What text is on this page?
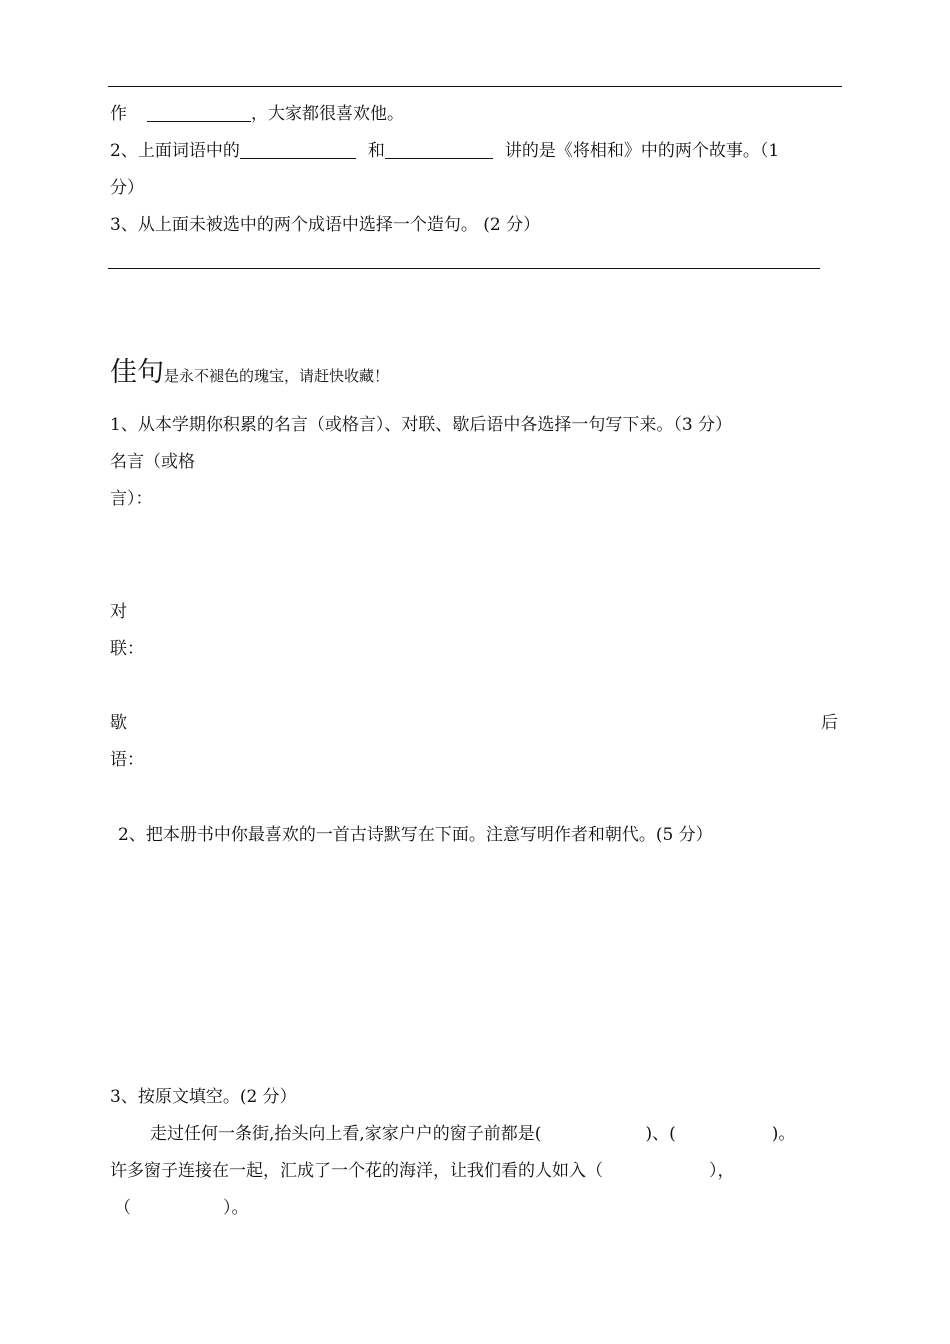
作	，大家都很喜欢他。
2、上面词语中的	和	讲的是《将相和》中的两个故事。（1
分）
3、从上面未被选中的两个成语中选择一个造句。 (2 分）
佳句是永不褪色的瑰宝，请赶快收藏！
1、从本学期你积累的名言（或格言）、对联、歇后语中各选择一句写下来。（3 分）
名言（或格
言）：
对
联：
歇	后
语：
2、把本册书中你最喜欢的一首古诗默写在下面。注意写明作者和朝代。(5 分）
3、按原文填空。(2 分）
走过任何一条街,抬头向上看,家家户户的窗子前都是(	)、(	)。
许多窗子连接在一起，汇成了一个花的海洋，让我们看的人如入（	），
（	）。
